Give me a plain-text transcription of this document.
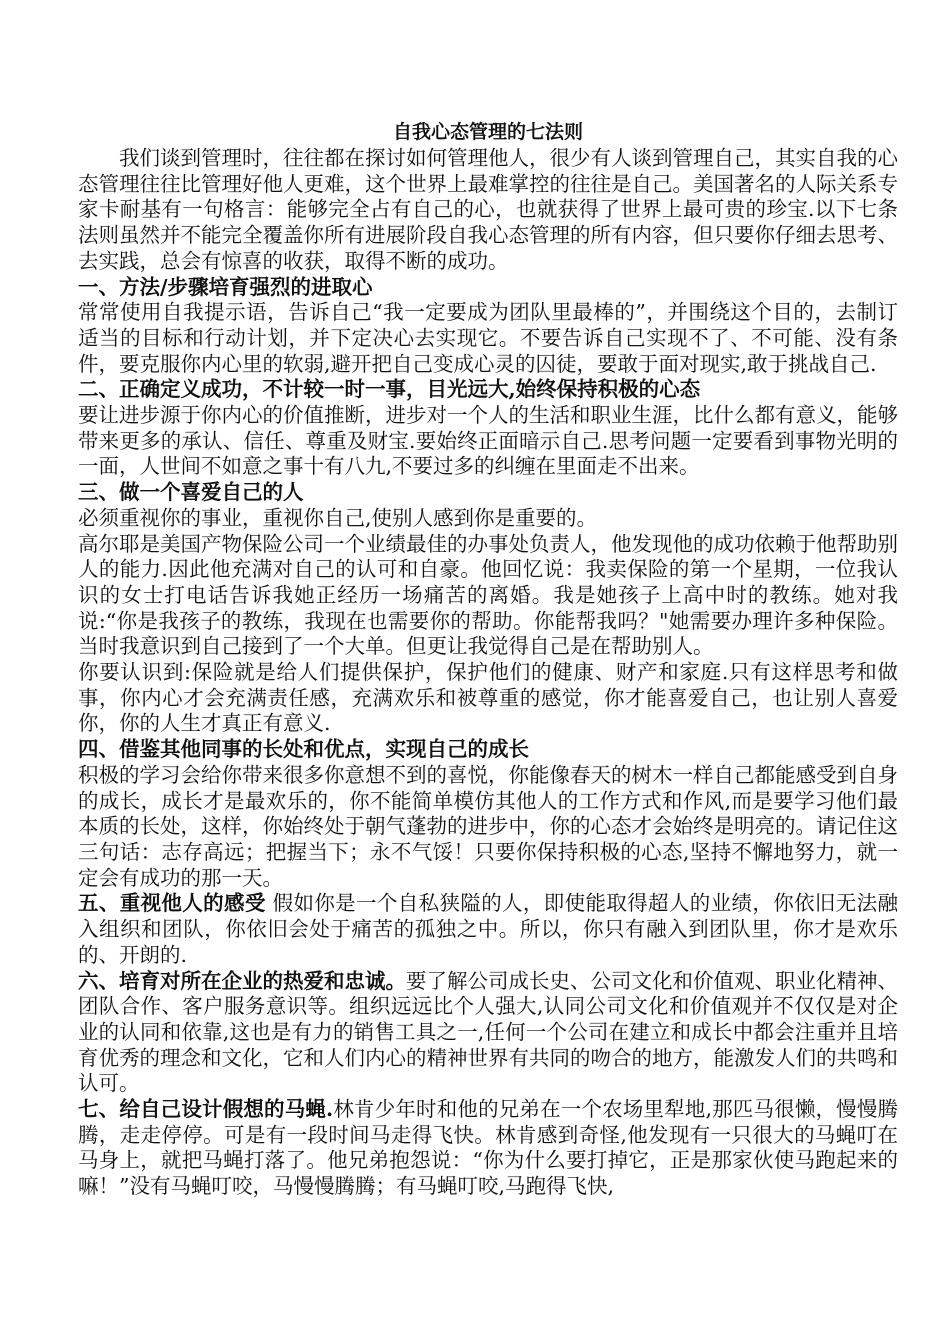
自我心态管理的七法则

我们谈到管理时，往往都在探讨如何管理他人，很少有人谈到管理自己，其实自我的心态管理往往比管理好他人更难，这个世界上最难掌控的往往是自己。美国著名的人际关系专家卡耐基有一句格言：能够完全占有自己的心，也就获得了世界上最可贵的珍宝.以下七条法则虽然并不能完全覆盖你所有进展阶段自我心态管理的所有内容，但只要你仔细去思考、去实践，总会有惊喜的收获，取得不断的成功。

一、方法/步骤培育强烈的进取心

常常使用自我提示语，告诉自己“我一定要成为团队里最棒的”，并围绕这个目的，去制订适当的目标和行动计划，并下定决心去实现它。不要告诉自己实现不了、不可能、没有条件，要克服你内心里的软弱,避开把自己变成心灵的囚徒，要敢于面对现实,敢于挑战自己.

二、正确定义成功，不计较一时一事，目光远大,始终保持积极的心态

要让进步源于你内心的价值推断，进步对一个人的生活和职业生涯，比什么都有意义，能够带来更多的承认、信任、尊重及财宝.要始终正面暗示自己.思考问题一定要看到事物光明的一面，人世间不如意之事十有八九,不要过多的纠缠在里面走不出来。

三、做一个喜爱自己的人

必须重视你的事业，重视你自己,使别人感到你是重要的。

高尔耶是美国产物保险公司一个业绩最佳的办事处负责人，他发现他的成功依赖于他帮助别人的能力.因此他充满对自己的认可和自豪。他回忆说：我卖保险的第一个星期，一位我认识的女士打电话告诉我她正经历一场痛苦的离婚。我是她孩子上高中时的教练。她对我说:“你是我孩子的教练，我现在也需要你的帮助。你能帮我吗？"她需要办理许多种保险。当时我意识到自己接到了一个大单。但更让我觉得自己是在帮助别人。

你要认识到:保险就是给人们提供保护，保护他们的健康、财产和家庭.只有这样思考和做事，你内心才会充满责任感，充满欢乐和被尊重的感觉，你才能喜爱自己，也让别人喜爱你，你的人生才真正有意义.

四、借鉴其他同事的长处和优点，实现自己的成长

积极的学习会给你带来很多你意想不到的喜悦，你能像春天的树木一样自己都能感受到自身的成长，成长才是最欢乐的，你不能简单模仿其他人的工作方式和作风,而是要学习他们最本质的长处，这样，你始终处于朝气蓬勃的进步中，你的心态才会始终是明亮的。请记住这三句话：志存高远；把握当下；永不气馁！只要你保持积极的心态,坚持不懈地努力，就一定会有成功的那一天。

五、重视他人的感受 假如你是一个自私狭隘的人，即使能取得超人的业绩，你依旧无法融入组织和团队，你依旧会处于痛苦的孤独之中。所以，你只有融入到团队里，你才是欢乐的、开朗的.

六、培育对所在企业的热爱和忠诚。要了解公司成长史、公司文化和价值观、职业化精神、团队合作、客户服务意识等。组织远远比个人强大,认同公司文化和价值观并不仅仅是对企业的认同和依靠,这也是有力的销售工具之一,任何一个公司在建立和成长中都会注重并且培育优秀的理念和文化，它和人们内心的精神世界有共同的吻合的地方，能激发人们的共鸣和认可。

七、给自己设计假想的马蝇.林肯少年时和他的兄弟在一个农场里犁地,那匹马很懒，慢慢腾腾，走走停停。可是有一段时间马走得飞快。林肯感到奇怪,他发现有一只很大的马蝇叮在马身上，就把马蝇打落了。他兄弟抱怨说：“你为什么要打掉它，正是那家伙使马跑起来的嘛！”没有马蝇叮咬，马慢慢腾腾；有马蝇叮咬,马跑得飞快,
